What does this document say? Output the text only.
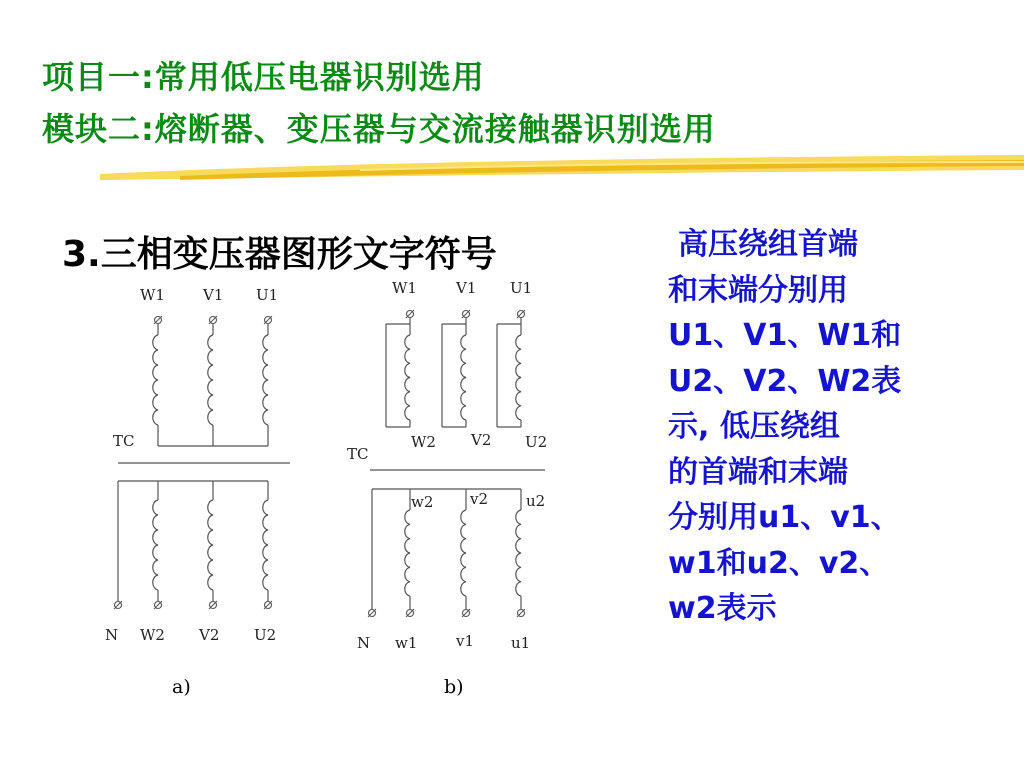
项目一:常用低压电器识别选用
模块二:熔断器、变压器与交流接触器识别选用
3.三相变压器图形文字符号	高压绕组首端
和末端分别用
U1、V1、W1和
U2、V2、W2表
示, 低压绕组
的首端和末端
分别用u1、v1、
w1和u2、v2、
w2表示
W1	V1 U1
TC
N W2 V2 U2
a)
W1	V1 U1
W2 V2 U2
TC
w2 v2	u2
N w1	v1 u1
b)
